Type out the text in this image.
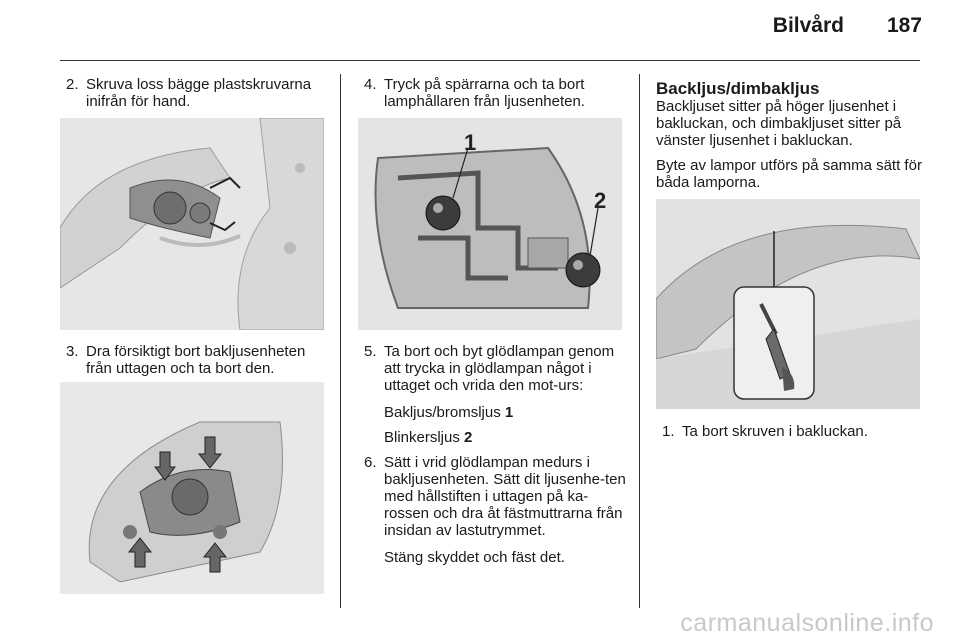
Bilvård	187
2. Skruva loss bägge plastskruvarna inifrån för hand.
3. Dra försiktigt bort bakljusenheten från uttagen och ta bort den.
4. Tryck på spärrarna och ta bort lamphållaren från ljusenheten.
1
2
5. Ta bort och byt glödlampan genom att trycka in glödlampan något i uttaget och vrida den mot-urs:
Bakljus/bromsljus 1
Blinkersljus 2
6. Sätt i vrid glödlampan medurs i bakljusenheten. Sätt dit ljusenhe-ten med hållstiften i uttagen på ka-rossen och dra åt fästmuttrarna från insidan av lastutrymmet.
Stäng skyddet och fäst det.
Backljus/dimbakljus

Backljuset sitter på höger ljusenhet i bakluckan, och dimbakljuset sitter på vänster ljusenhet i bakluckan.

Byte av lampor utförs på samma sätt för båda lamporna.

1. Ta bort skruven i bakluckan.
carmanualsonline.info
